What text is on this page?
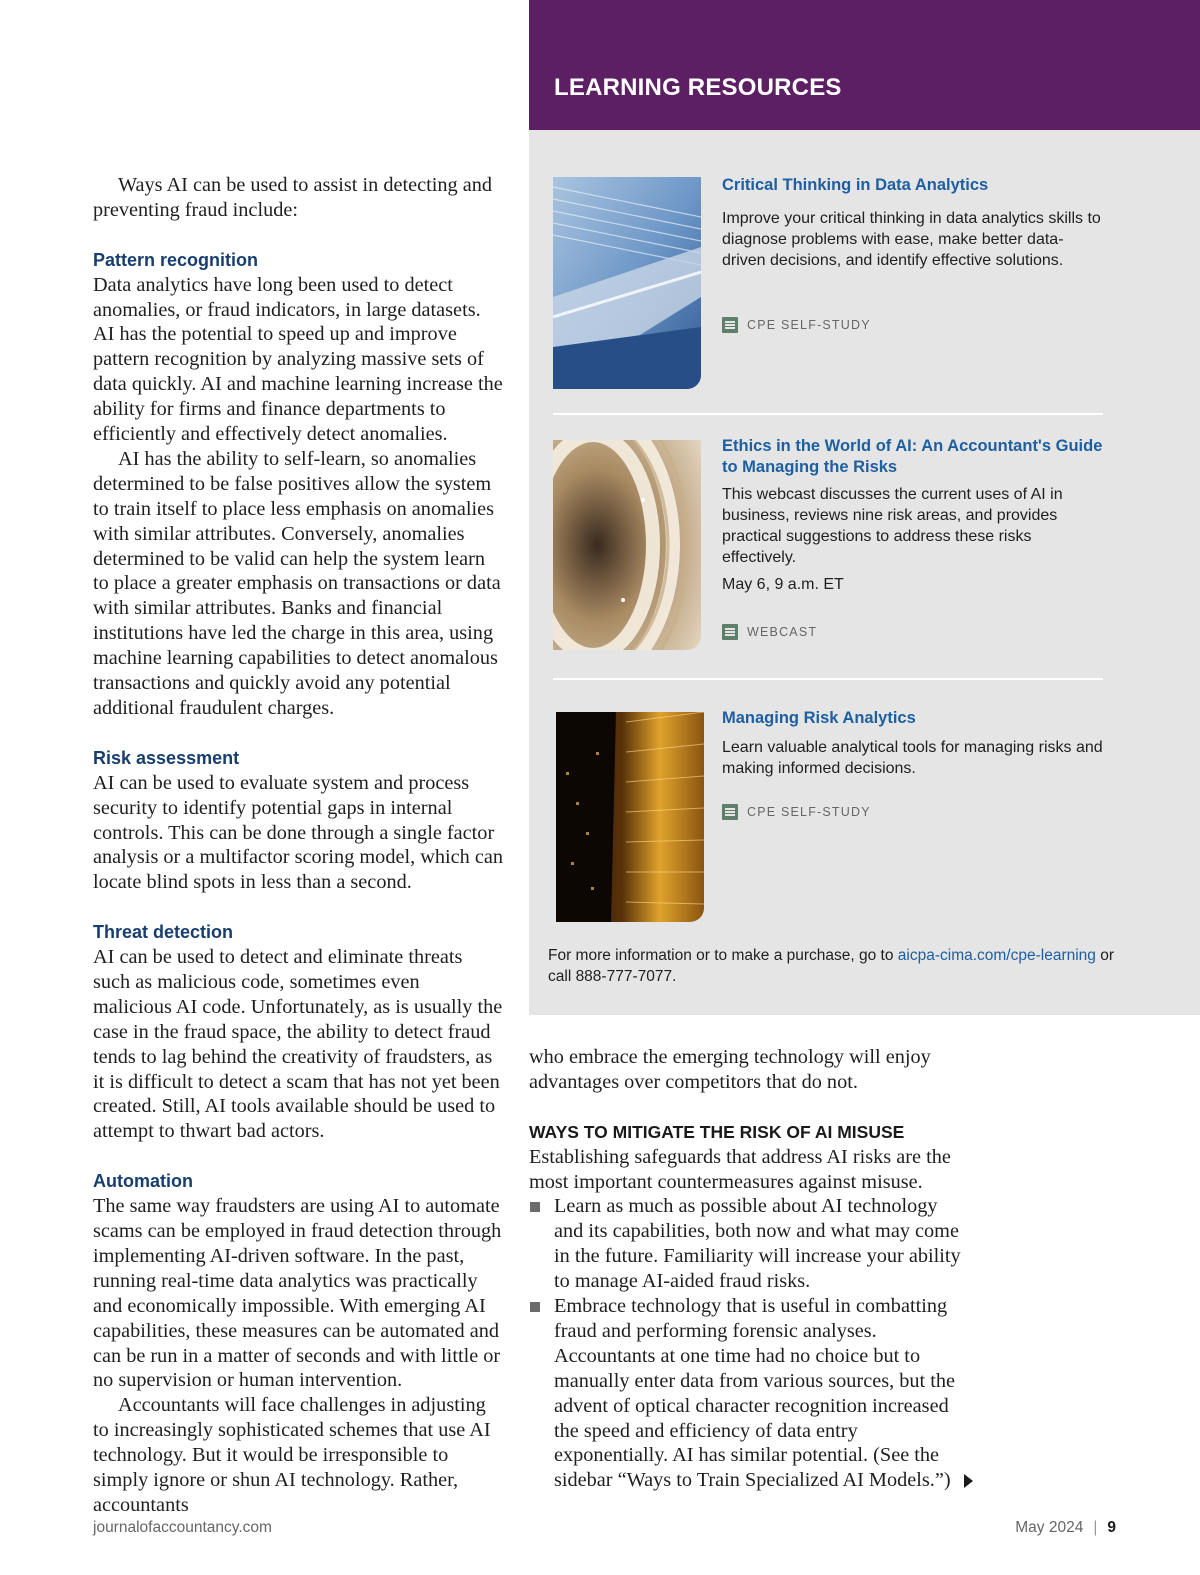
LEARNING RESOURCES
Critical Thinking in Data Analytics

Improve your critical thinking in data analytics skills to diagnose problems with ease, make better data-driven decisions, and identify effective solutions.

CPE SELF-STUDY
Ethics in the World of AI: An Accountant's Guide to Managing the Risks

This webcast discusses the current uses of AI in business, reviews nine risk areas, and provides practical suggestions to address these risks effectively.

May 6, 9 a.m. ET

WEBCAST
Managing Risk Analytics

Learn valuable analytical tools for managing risks and making informed decisions.

CPE SELF-STUDY

For more information or to make a purchase, go to aicpa-cima.com/cpe-learning or call 888-777-7077.

Ways AI can be used to assist in detecting and preventing fraud include:

Pattern recognition

Data analytics have long been used to detect anomalies, or fraud indicators, in large datasets. AI has the potential to speed up and improve pattern recognition by analyzing massive sets of data quickly. AI and machine learning increase the ability for firms and finance departments to efficiently and effectively detect anomalies.

AI has the ability to self-learn, so anomalies determined to be false positives allow the system to train itself to place less emphasis on anomalies with similar attributes. Conversely, anomalies determined to be valid can help the system learn to place a greater emphasis on transactions or data with similar attributes. Banks and financial institutions have led the charge in this area, using machine learning capabilities to detect anomalous transactions and quickly avoid any potential additional fraudulent charges.

Risk assessment

AI can be used to evaluate system and process security to identify potential gaps in internal controls. This can be done through a single factor analysis or a multifactor scoring model, which can locate blind spots in less than a second.

Threat detection

AI can be used to detect and eliminate threats such as malicious code, sometimes even malicious AI code. Unfortunately, as is usually the case in the fraud space, the ability to detect fraud tends to lag behind the creativity of fraudsters, as it is difficult to detect a scam that has not yet been created. Still, AI tools available should be used to attempt to thwart bad actors.

Automation

The same way fraudsters are using AI to automate scams can be employed in fraud detection through implementing AI-driven software. In the past, running real-time data analytics was practically and economically impossible. With emerging AI capabilities, these measures can be automated and can be run in a matter of seconds and with little or no supervision or human intervention.

Accountants will face challenges in adjusting to increasingly sophisticated schemes that use AI technology. But it would be irresponsible to simply ignore or shun AI technology. Rather, accountants

who embrace the emerging technology will enjoy advantages over competitors that do not.

WAYS TO MITIGATE THE RISK OF AI MISUSE

Establishing safeguards that address AI risks are the most important countermeasures against misuse.

Learn as much as possible about AI technology and its capabilities, both now and what may come in the future. Familiarity will increase your ability to manage AI-aided fraud risks.
Embrace technology that is useful in combatting fraud and performing forensic analyses. Accountants at one time had no choice but to manually enter data from various sources, but the advent of optical character recognition increased the speed and efficiency of data entry exponentially. AI has similar potential. (See the sidebar “Ways to Train Specialized AI Models.”)

journalofaccountancy.com	May 2024 | 9
